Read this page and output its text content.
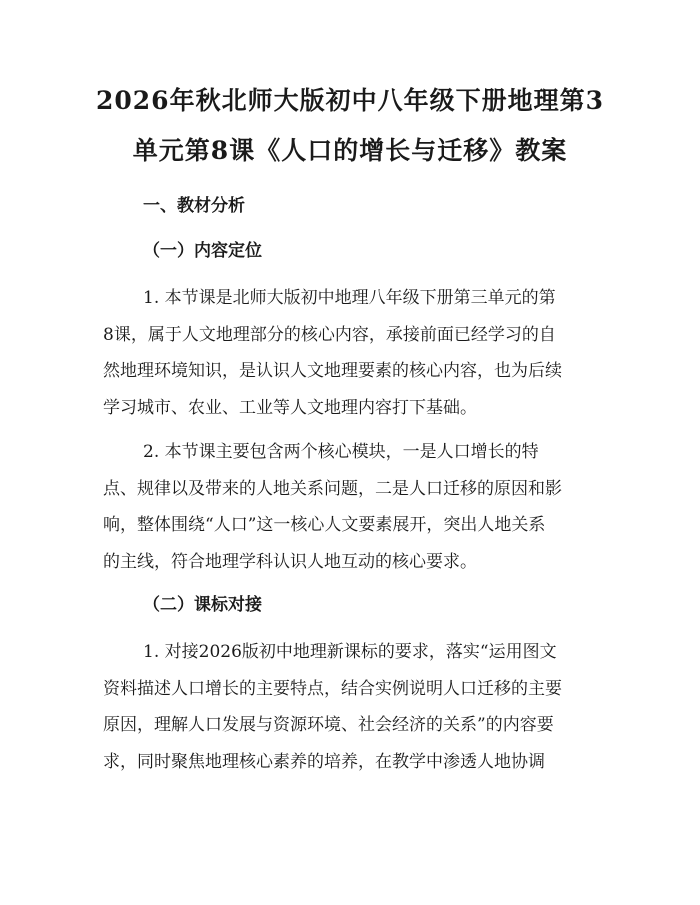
2026年秋北师大版初中八年级下册地理第3
单元第8课《人口的增长与迁移》教案
一、教材分析
（一）内容定位

1. 本节课是北师大版初中地理八年级下册第三单元的第
8课，属于人文地理部分的核心内容，承接前面已经学习的自
然地理环境知识，是认识人文地理要素的核心内容，也为后续
学习城市、农业、工业等人文地理内容打下基础。

2. 本节课主要包含两个核心模块，一是人口增长的特
点、规律以及带来的人地关系问题，二是人口迁移的原因和影
响，整体围绕“人口”这一核心人文要素展开，突出人地关系
的主线，符合地理学科认识人地互动的核心要求。

（二）课标对接

1. 对接2026版初中地理新课标的要求，落实“运用图文
资料描述人口增长的主要特点，结合实例说明人口迁移的主要
原因，理解人口发展与资源环境、社会经济的关系”的内容要
求，同时聚焦地理核心素养的培养，在教学中渗透人地协调
